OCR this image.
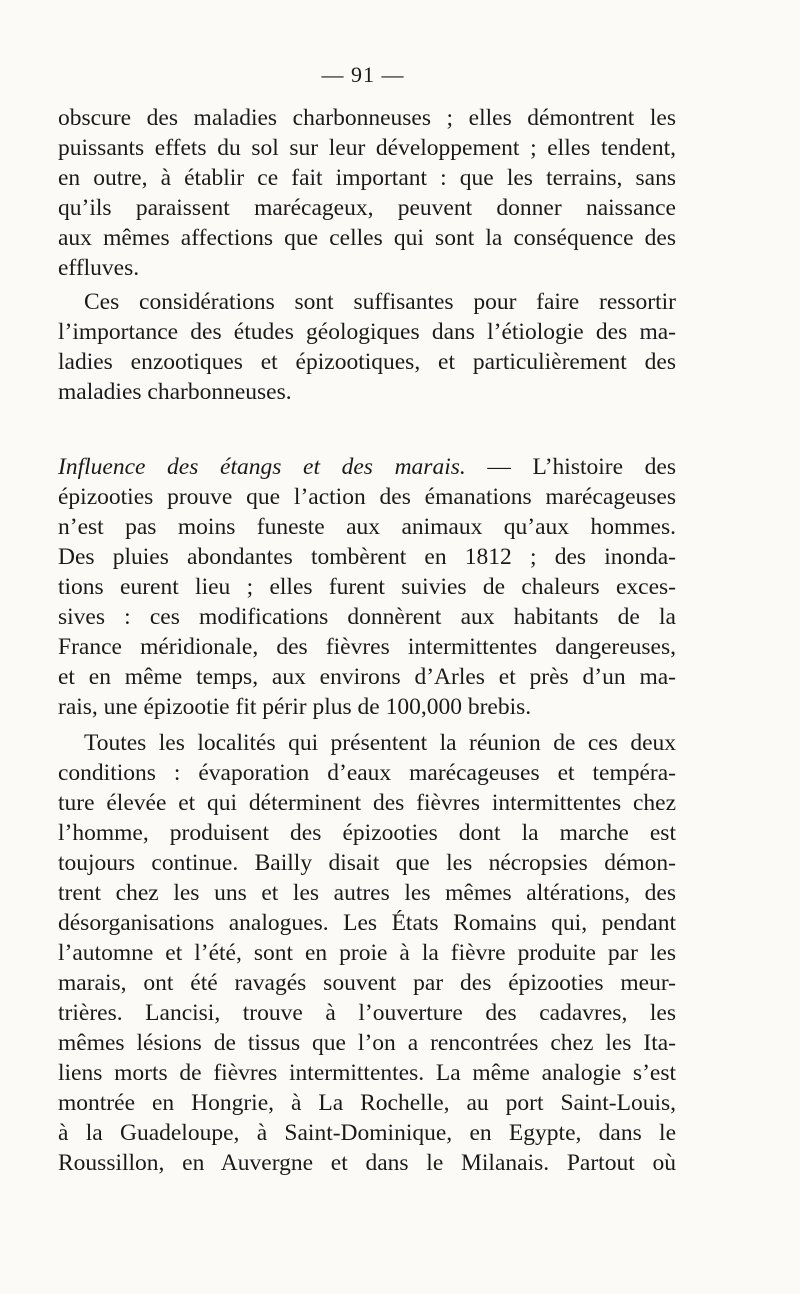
— 91 —
obscure des maladies charbonneuses ; elles démontrent les
puissants effets du sol sur leur développement ; elles tendent,
en outre, à établir ce fait important : que les terrains, sans
qu’ils paraissent marécageux, peuvent donner naissance
aux mêmes affections que celles qui sont la conséquence des
effluves.
Ces considérations sont suffisantes pour faire ressortir
l’importance des études géologiques dans l’étiologie des ma-
ladies enzootiques et épizootiques, et particulièrement des
maladies charbonneuses.
Influence des étangs et des marais. — L’histoire des
épizooties prouve que l’action des émanations marécageuses
n’est pas moins funeste aux animaux qu’aux hommes.
Des pluies abondantes tombèrent en 1812 ; des inonda-
tions eurent lieu ; elles furent suivies de chaleurs exces-
sives : ces modifications donnèrent aux habitants de la
France méridionale, des fièvres intermittentes dangereuses,
et en même temps, aux environs d’Arles et près d’un ma-
rais, une épizootie fit périr plus de 100,000 brebis.
Toutes les localités qui présentent la réunion de ces deux
conditions : évaporation d’eaux marécageuses et tempéra-
ture élevée et qui déterminent des fièvres intermittentes chez
l’homme, produisent des épizooties dont la marche est
toujours continue. Bailly disait que les nécropsies démon-
trent chez les uns et les autres les mêmes altérations, des
désorganisations analogues. Les États Romains qui, pendant
l’automne et l’été, sont en proie à la fièvre produite par les
marais, ont été ravagés souvent par des épizooties meur-
trières. Lancisi, trouve à l’ouverture des cadavres, les
mêmes lésions de tissus que l’on a rencontrées chez les Ita-
liens morts de fièvres intermittentes. La même analogie s’est
montrée en Hongrie, à La Rochelle, au port Saint-Louis,
à la Guadeloupe, à Saint-Dominique, en Egypte, dans le
Roussillon, en Auvergne et dans le Milanais. Partout où
